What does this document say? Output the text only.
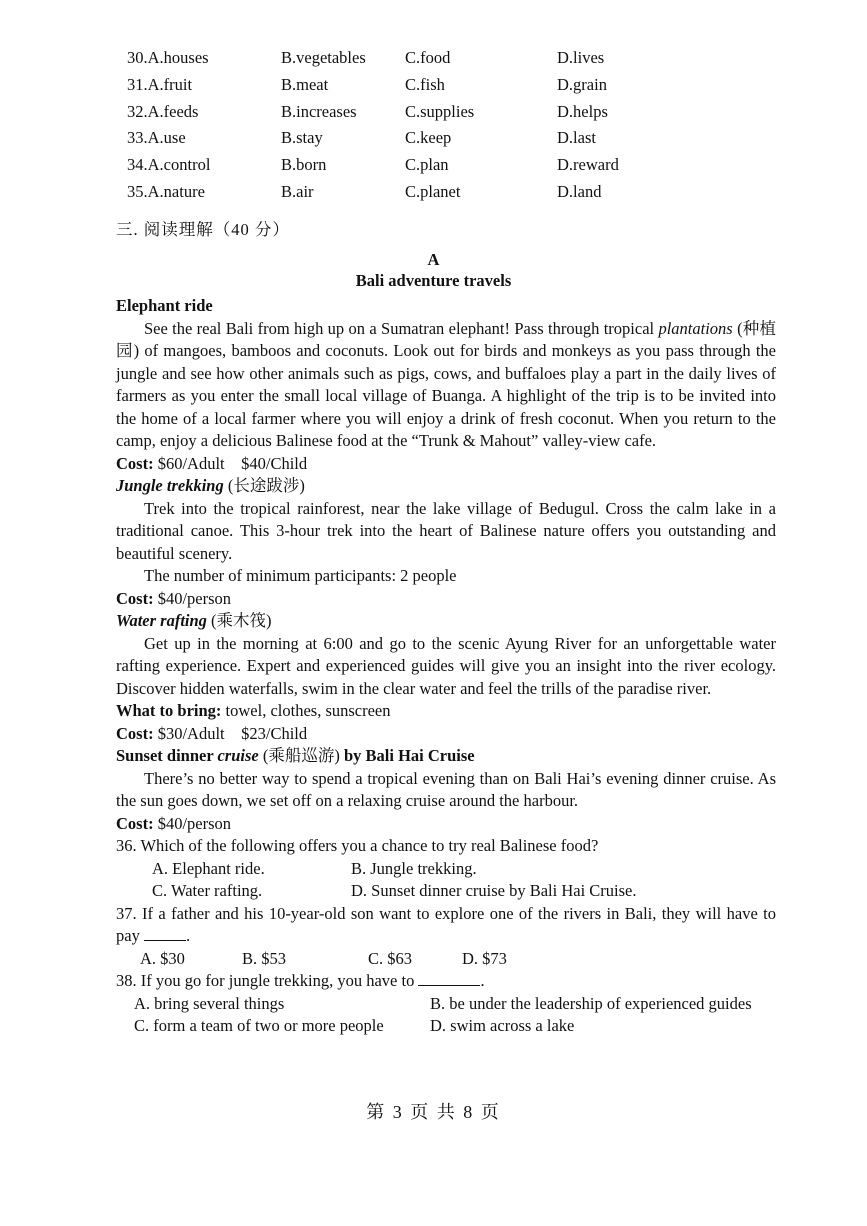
30.A.houses	B.vegetables C.food	D.lives
31.A.fruit	B.meat	C.fish	D.grain
32.A.feeds	B.increases	C.supplies	D.helps
33.A.use	B.stay	C.keep	D.last
34.A.control	B.born	C.plan	D.reward
35.A.nature	B.air	C.planet	D.land
三. 阅读理解（40 分）
A
Bali adventure travels

Elephant ride

See the real Bali from high up on a Sumatran elephant! Pass through tropical plantations (种植园) of mangoes, bamboos and coconuts. Look out for birds and monkeys as you pass through the jungle and see how other animals such as pigs, cows, and buffaloes play a part in the daily lives of farmers as you enter the small local village of Buanga. A highlight of the trip is to be invited into the home of a local farmer where you will enjoy a drink of fresh coconut. When you return to the camp, enjoy a delicious Balinese food at the “Trunk & Mahout” valley-view cafe.

Cost: $60/Adult    $40/Child

Jungle trekking (长途跋涉)

Trek into the tropical rainforest, near the lake village of Bedugul. Cross the calm lake in a traditional canoe. This 3-hour trek into the heart of Balinese nature offers you outstanding and beautiful scenery.

The number of minimum participants: 2 people

Cost: $40/person

Water rafting (乘木筏)

Get up in the morning at 6:00 and go to the scenic Ayung River for an unforgettable water rafting experience. Expert and experienced guides will give you an insight into the river ecology. Discover hidden waterfalls, swim in the clear water and feel the trills of the paradise river.

What to bring: towel, clothes, sunscreen

Cost: $30/Adult    $23/Child

Sunset dinner cruise (乘船巡游) by Bali Hai Cruise

There’s no better way to spend a tropical evening than on Bali Hai’s evening dinner cruise. As the sun goes down, we set off on a relaxing cruise around the harbour.

Cost: $40/person

36. Which of the following offers you a chance to try real Balinese food?

A. Elephant ride.	B. Jungle trekking.
C. Water rafting.	D. Sunset dinner cruise by Bali Hai Cruise.

37. If a father and his 10-year-old son want to explore one of the rivers in Bali, they will have to pay	.

A. $30	B. $53	C. $63	D. $73

38. If you go for jungle trekking, you have to	.

A. bring several things	B. be under the leadership of experienced guides
C. form a team of two or more people	D. swim across a lake
第 3 页 共 8 页
